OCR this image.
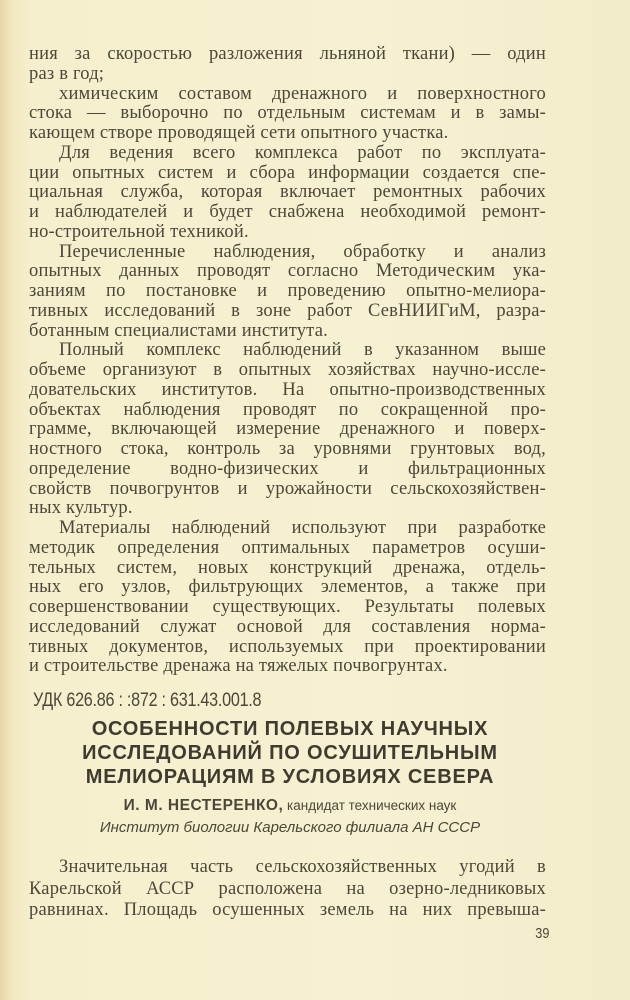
ния за скоростью разложения льняной ткани) — один
раз в год;
химическим составом дренажного и поверхностного
стока — выборочно по отдельным системам и в замы-
кающем створе проводящей сети опытного участка.
Для ведения всего комплекса работ по эксплуата-
ции опытных систем и сбора информации создается спе-
циальная служба, которая включает ремонтных рабочих
и наблюдателей и будет снабжена необходимой ремонт-
но-строительной техникой.
Перечисленные наблюдения, обработку и анализ
опытных данных проводят согласно Методическим ука-
заниям по постановке и проведению опытно-мелиора-
тивных исследований в зоне работ СевНИИГиМ, разра-
ботанным специалистами института.
Полный комплекс наблюдений в указанном выше
объеме организуют в опытных хозяйствах научно-иссле-
довательских институтов. На опытно-производственных
объектах наблюдения проводят по сокращенной про-
грамме, включающей измерение дренажного и поверх-
ностного стока, контроль за уровнями грунтовых вод,
определение водно-физических и фильтрационных
свойств почвогрунтов и урожайности сельскохозяйствен-
ных культур.
Материалы наблюдений используют при разработке
методик определения оптимальных параметров осуши-
тельных систем, новых конструкций дренажа, отдель-
ных его узлов, фильтрующих элементов, а также при
совершенствовании существующих. Результаты полевых
исследований служат основой для составления норма-
тивных документов, используемых при проектировании
и строительстве дренажа на тяжелых почвогрунтах.
УДК 626.86 : :872 : 631.43.001.8
ОСОБЕННОСТИ ПОЛЕВЫХ НАУЧНЫХ
ИССЛЕДОВАНИЙ ПО ОСУШИТЕЛЬНЫМ
МЕЛИОРАЦИЯМ В УСЛОВИЯХ СЕВЕРА
И. М. НЕСТЕРЕНКО, кандидат технических наук
Институт биологии Карельского филиала АН СССР
Значительная часть сельскохозяйственных угодий в
Карельской АССР расположена на озерно-ледниковых
равнинах. Площадь осушенных земель на них превыша-
39
